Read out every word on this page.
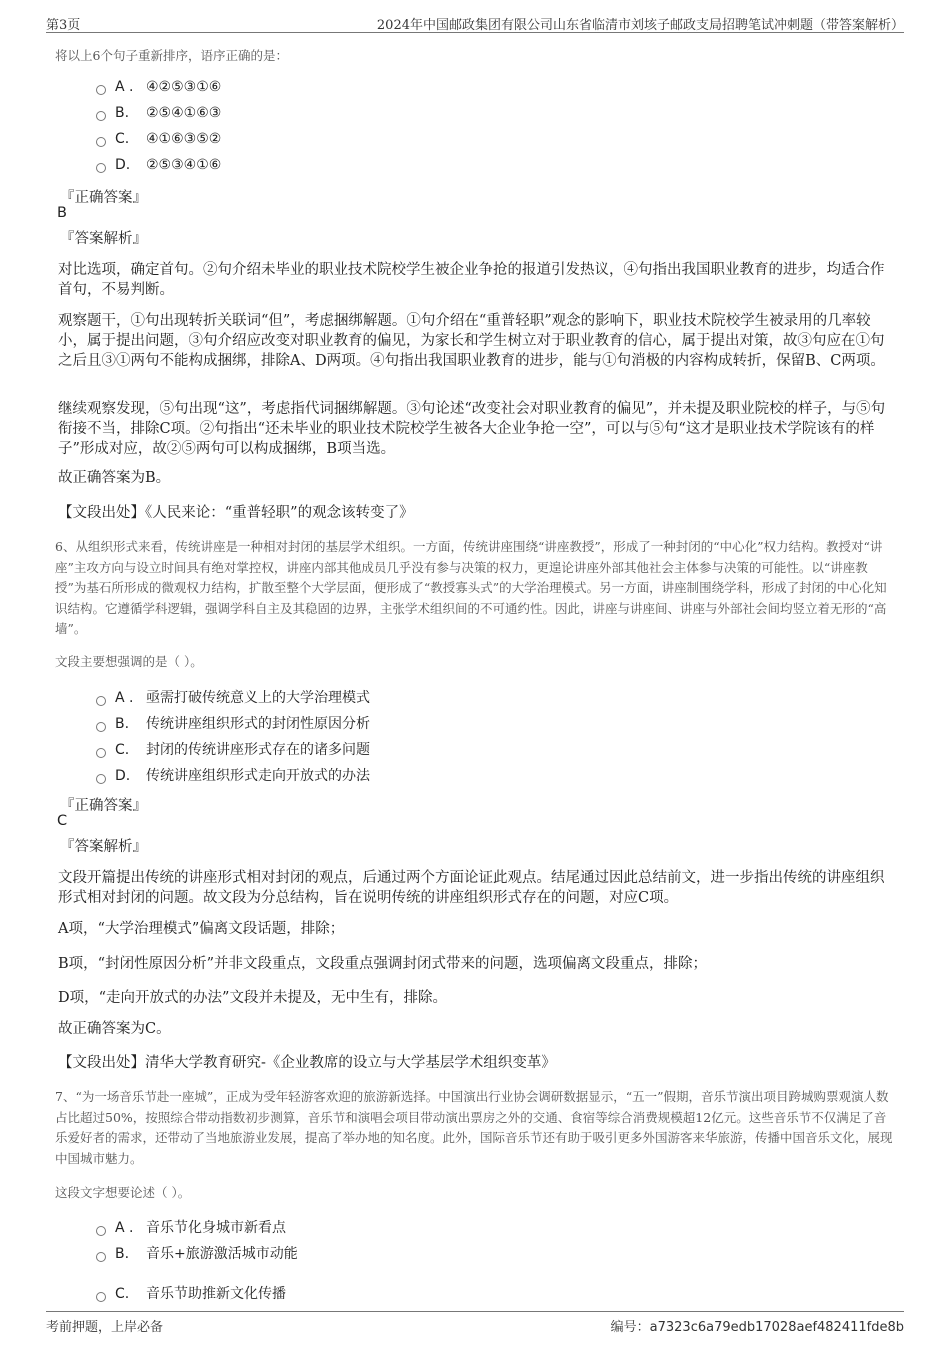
第3页	2024年中国邮政集团有限公司山东省临清市刘垓子邮政支局招聘笔试冲刺题（带答案解析）

将以上6个句子重新排序，语序正确的是：

A . ④②⑤③①⑥
B. ②⑤④①⑥③
C. ④①⑥③⑤②
D. ②⑤③④①⑥

『正确答案』

B

『答案解析』

对比选项，确定首句。②句介绍未毕业的职业技术院校学生被企业争抢的报道引发热议，④句指出我国职业教育的进步，均适合作首句，不易判断。

观察题干，①句出现转折关联词“但”，考虑捆绑解题。①句介绍在“重普轻职”观念的影响下，职业技术院校学生被录用的几率较小，属于提出问题，③句介绍应改变对职业教育的偏见，为家长和学生树立对于职业教育的信心，属于提出对策，故③句应在①句之后且③①两句不能构成捆绑，排除A、D两项。④句指出我国职业教育的进步，能与①句消极的内容构成转折，保留B、C两项。

继续观察发现，⑤句出现“这”，考虑指代词捆绑解题。③句论述“改变社会对职业教育的偏见”，并未提及职业院校的样子，与⑤句衔接不当，排除C项。②句指出“还未毕业的职业技术院校学生被各大企业争抢一空”，可以与⑤句“这才是职业技术学院该有的样子”形成对应，故②⑤两句可以构成捆绑，B项当选。

故正确答案为B。

【文段出处】《人民来论：“重普轻职”的观念该转变了》

6、从组织形式来看，传统讲座是一种相对封闭的基层学术组织。一方面，传统讲座围绕“讲座教授”，形成了一种封闭的“中心化”权力结构。教授对“讲座”主攻方向与设立时间具有绝对掌控权，讲座内部其他成员几乎没有参与决策的权力，更遑论讲座外部其他社会主体参与决策的可能性。以“讲座教授”为基石所形成的微观权力结构，扩散至整个大学层面，便形成了“教授寡头式”的大学治理模式。另一方面，讲座制围绕学科，形成了封闭的中心化知识结构。它遵循学科逻辑，强调学科自主及其稳固的边界，主张学术组织间的不可通约性。因此，讲座与讲座间、讲座与外部社会间均竖立着无形的“高墙”。

文段主要想强调的是（ ）。

A . 亟需打破传统意义上的大学治理模式
B. 传统讲座组织形式的封闭性原因分析
C. 封闭的传统讲座形式存在的诸多问题
D. 传统讲座组织形式走向开放式的办法

『正确答案』

C

『答案解析』

文段开篇提出传统的讲座形式相对封闭的观点，后通过两个方面论证此观点。结尾通过因此总结前文，进一步指出传统的讲座组织形式相对封闭的问题。故文段为分总结构，旨在说明传统的讲座组织形式存在的问题，对应C项。

A项，“大学治理模式”偏离文段话题，排除；

B项，“封闭性原因分析”并非文段重点，文段重点强调封闭式带来的问题，选项偏离文段重点，排除；

D项，“走向开放式的办法”文段并未提及，无中生有，排除。

故正确答案为C。

【文段出处】清华大学教育研究-《企业教席的设立与大学基层学术组织变革》

7、“为一场音乐节赴一座城”，正成为受年轻游客欢迎的旅游新选择。中国演出行业协会调研数据显示，“五一”假期，音乐节演出项目跨城购票观演人数占比超过50%，按照综合带动指数初步测算，音乐节和演唱会项目带动演出票房之外的交通、食宿等综合消费规模超12亿元。这些音乐节不仅满足了音乐爱好者的需求，还带动了当地旅游业发展，提高了举办地的知名度。此外，国际音乐节还有助于吸引更多外国游客来华旅游，传播中国音乐文化，展现中国城市魅力。

这段文字想要论述（ ）。

A . 音乐节化身城市新看点
B. 音乐+旅游激活城市动能
C. 音乐节助推新文化传播
考前押题，上岸必备	编号：a7323c6a79edb17028aef482411fde8b
